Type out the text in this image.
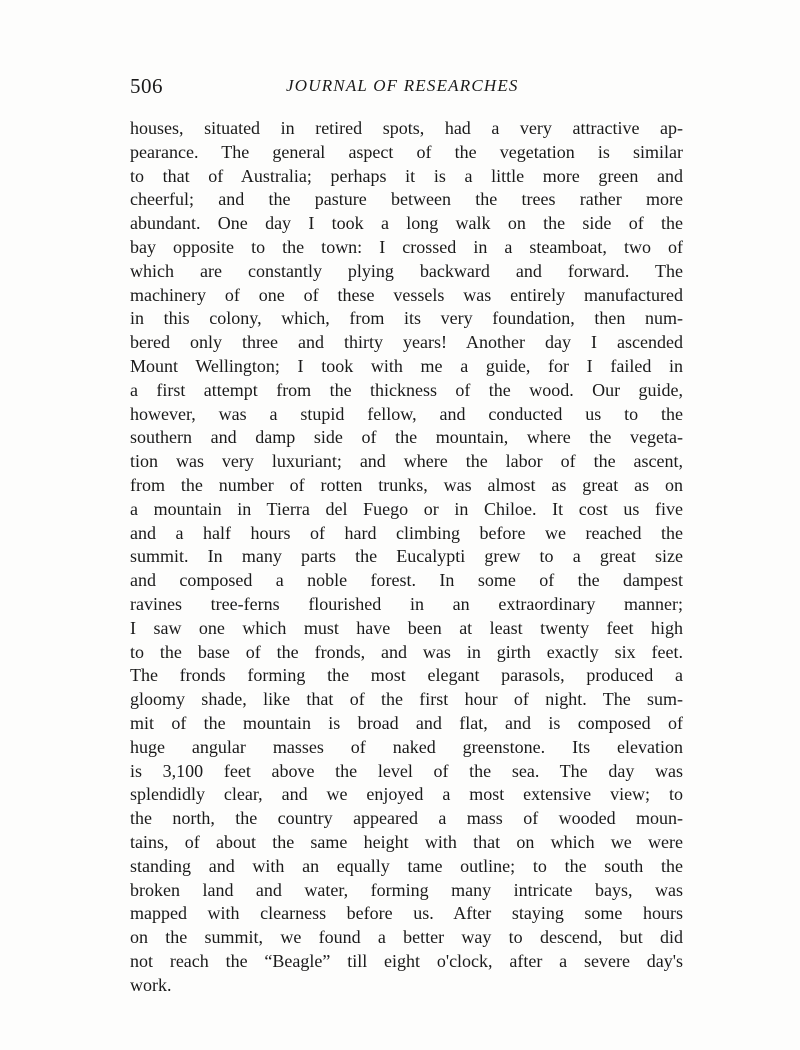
506	JOURNAL OF RESEARCHES
houses, situated in retired spots, had a very attractive ap-
pearance. The general aspect of the vegetation is similar
to that of Australia; perhaps it is a little more green and
cheerful; and the pasture between the trees rather more
abundant. One day I took a long walk on the side of the
bay opposite to the town: I crossed in a steamboat, two of
which are constantly plying backward and forward. The
machinery of one of these vessels was entirely manufactured
in this colony, which, from its very foundation, then num-
bered only three and thirty years! Another day I ascended
Mount Wellington; I took with me a guide, for I failed in
a first attempt from the thickness of the wood. Our guide,
however, was a stupid fellow, and conducted us to the
southern and damp side of the mountain, where the vegeta-
tion was very luxuriant; and where the labor of the ascent,
from the number of rotten trunks, was almost as great as on
a mountain in Tierra del Fuego or in Chiloe. It cost us five
and a half hours of hard climbing before we reached the
summit. In many parts the Eucalypti grew to a great size
and composed a noble forest. In some of the dampest
ravines tree-ferns flourished in an extraordinary manner;
I saw one which must have been at least twenty feet high
to the base of the fronds, and was in girth exactly six feet.
The fronds forming the most elegant parasols, produced a
gloomy shade, like that of the first hour of night. The sum-
mit of the mountain is broad and flat, and is composed of
huge angular masses of naked greenstone. Its elevation
is 3,100 feet above the level of the sea. The day was
splendidly clear, and we enjoyed a most extensive view; to
the north, the country appeared a mass of wooded moun-
tains, of about the same height with that on which we were
standing and with an equally tame outline; to the south the
broken land and water, forming many intricate bays, was
mapped with clearness before us. After staying some hours
on the summit, we found a better way to descend, but did
not reach the “Beagle” till eight o'clock, after a severe day's
work.
